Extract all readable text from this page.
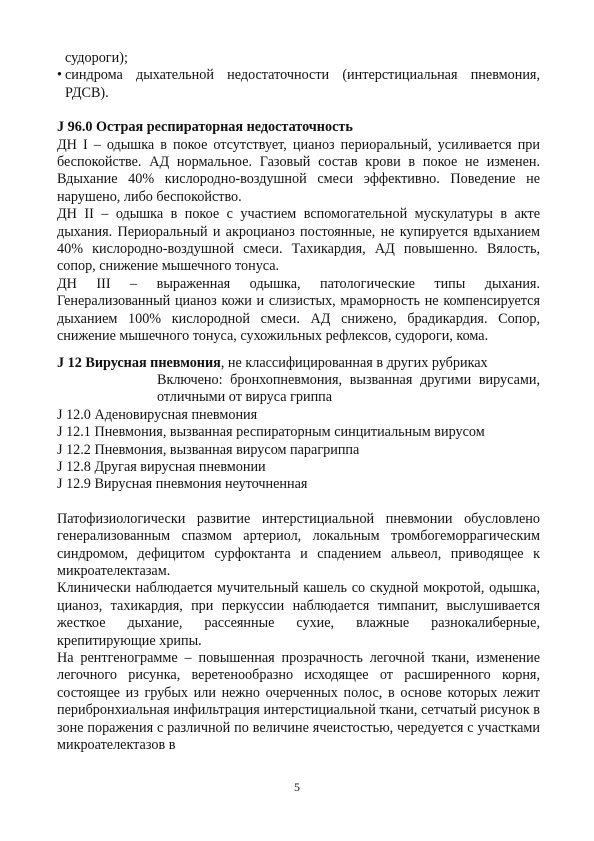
судороги);

• синдрома дыхательной недостаточности (интерстициальная пневмония, РДСВ).

J 96.0 Острая респираторная недостаточность

ДН I – одышка в покое отсутствует, цианоз периоральный, усиливается при беспокойстве. АД нормальное. Газовый состав крови в покое не изменен. Вдыхание 40% кислородно-воздушной смеси эффективно. Поведение не нарушено, либо беспокойство.

ДН II – одышка в покое с участием вспомогательной мускулатуры в акте дыхания. Периоральный и акроцианоз постоянные, не купируется вдыханием 40% кислородно-воздушной смеси. Тахикардия, АД повышенно. Вялость, сопор, снижение мышечного тонуса.

ДН III – выраженная одышка, патологические типы дыхания. Генерализованный цианоз кожи и слизистых, мраморность не компенсируется дыханием 100% кислородной смеси. АД снижено, брадикардия. Сопор, снижение мышечного тонуса, сухожильных рефлексов, судороги, кома.

J 12 Вирусная пневмония, не классифицированная в других рубриках

Включено: бронхопневмония, вызванная другими вирусами, отличными от вируса гриппа

J 12.0 Аденовирусная пневмония

J 12.1 Пневмония, вызванная респираторным синцитиальным вирусом

J 12.2 Пневмония, вызванная вирусом парагриппа

J 12.8 Другая вирусная пневмонии

J 12.9 Вирусная пневмония неуточненная

Патофизиологически развитие интерстициальной пневмонии обусловлено генерализованным спазмом артериол, локальным тромбогеморрагическим синдромом, дефицитом сурфоктанта и спадением альвеол, приводящее к микроателектазам.

Клинически наблюдается мучительный кашель со скудной мокротой, одышка, цианоз, тахикардия, при перкуссии наблюдается тимпанит, выслушивается жесткое дыхание, рассеянные сухие, влажные разнокалиберные, крепитирующие хрипы.

На рентгенограмме – повышенная прозрачность легочной ткани, изменение легочного рисунка, веретенообразно исходящее от расширенного корня, состоящее из грубых или нежно очерченных полос, в основе которых лежит перибронхиальная инфильтрация интерстициальной ткани, сетчатый рисунок в зоне поражения с различной по величине ячеистостью, чередуется с участками микроателектазов в

5
